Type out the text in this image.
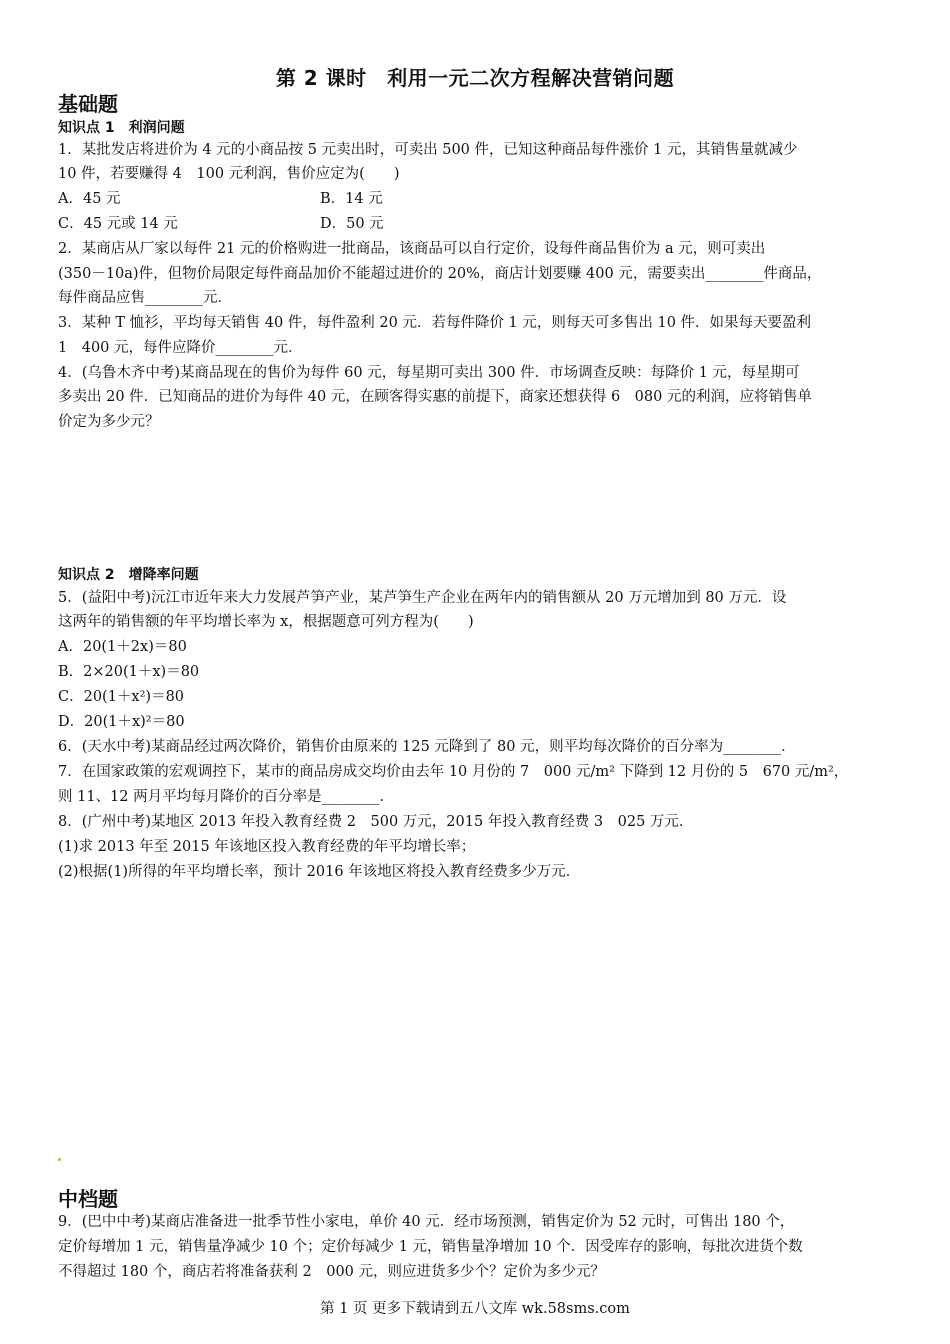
第 2 课时　利用一元二次方程解决营销问题
基础题
知识点 1　利润问题
1．某批发店将进价为 4 元的小商品按 5 元卖出时，可卖出 500 件，已知这种商品每件涨价 1 元，其销售量就减少
10 件，若要赚得 4　100 元利润，售价应定为(　　)
A．45 元	B．14 元
C．45 元或 14 元	D．50 元
2．某商店从厂家以每件 21 元的价格购进一批商品，该商品可以自行定价，设每件商品售价为 a 元，则可卖出
(350－10a)件，但物价局限定每件商品加价不能超过进价的 20%，商店计划要赚 400 元，需要卖出________件商品，
每件商品应售________元．
3．某种 T 恤衫，平均每天销售 40 件，每件盈利 20 元．若每件降价 1 元，则每天可多售出 10 件．如果每天要盈利
1　400 元，每件应降价________元．
4．(乌鲁木齐中考)某商品现在的售价为每件 60 元，每星期可卖出 300 件．市场调查反映：每降价 1 元，每星期可
多卖出 20 件．已知商品的进价为每件 40 元，在顾客得实惠的前提下，商家还想获得 6　080 元的利润，应将销售单
价定为多少元？
知识点 2　增降率问题
5．(益阳中考)沅江市近年来大力发展芦笋产业，某芦笋生产企业在两年内的销售额从 20 万元增加到 80 万元．设
这两年的销售额的年平均增长率为 x，根据题意可列方程为(　　)
A．20(1＋2x)＝80
B．2×20(1＋x)＝80
C．20(1＋x²)＝80
D．20(1＋x)²＝80
6．(天水中考)某商品经过两次降价，销售价由原来的 125 元降到了 80 元，则平均每次降价的百分率为________．
7．在国家政策的宏观调控下，某市的商品房成交均价由去年 10 月份的 7　000 元/m² 下降到 12 月份的 5　670 元/m²，
则 11、12 两月平均每月降价的百分率是________．
8．(广州中考)某地区 2013 年投入教育经费 2　500 万元，2015 年投入教育经费 3　025 万元．
(1)求 2013 年至 2015 年该地区投入教育经费的年平均增长率；
(2)根据(1)所得的年平均增长率，预计 2016 年该地区将投入教育经费多少万元．
中档题
9．(巴中中考)某商店准备进一批季节性小家电，单价 40 元．经市场预测，销售定价为 52 元时，可售出 180 个，
定价每增加 1 元，销售量净减少 10 个；定价每减少 1 元，销售量净增加 10 个．因受库存的影响，每批次进货个数
不得超过 180 个，商店若将准备获利 2　000 元，则应进货多少个？定价为多少元？
第 1 页 更多下载请到五八文库 wk.58sms.com
